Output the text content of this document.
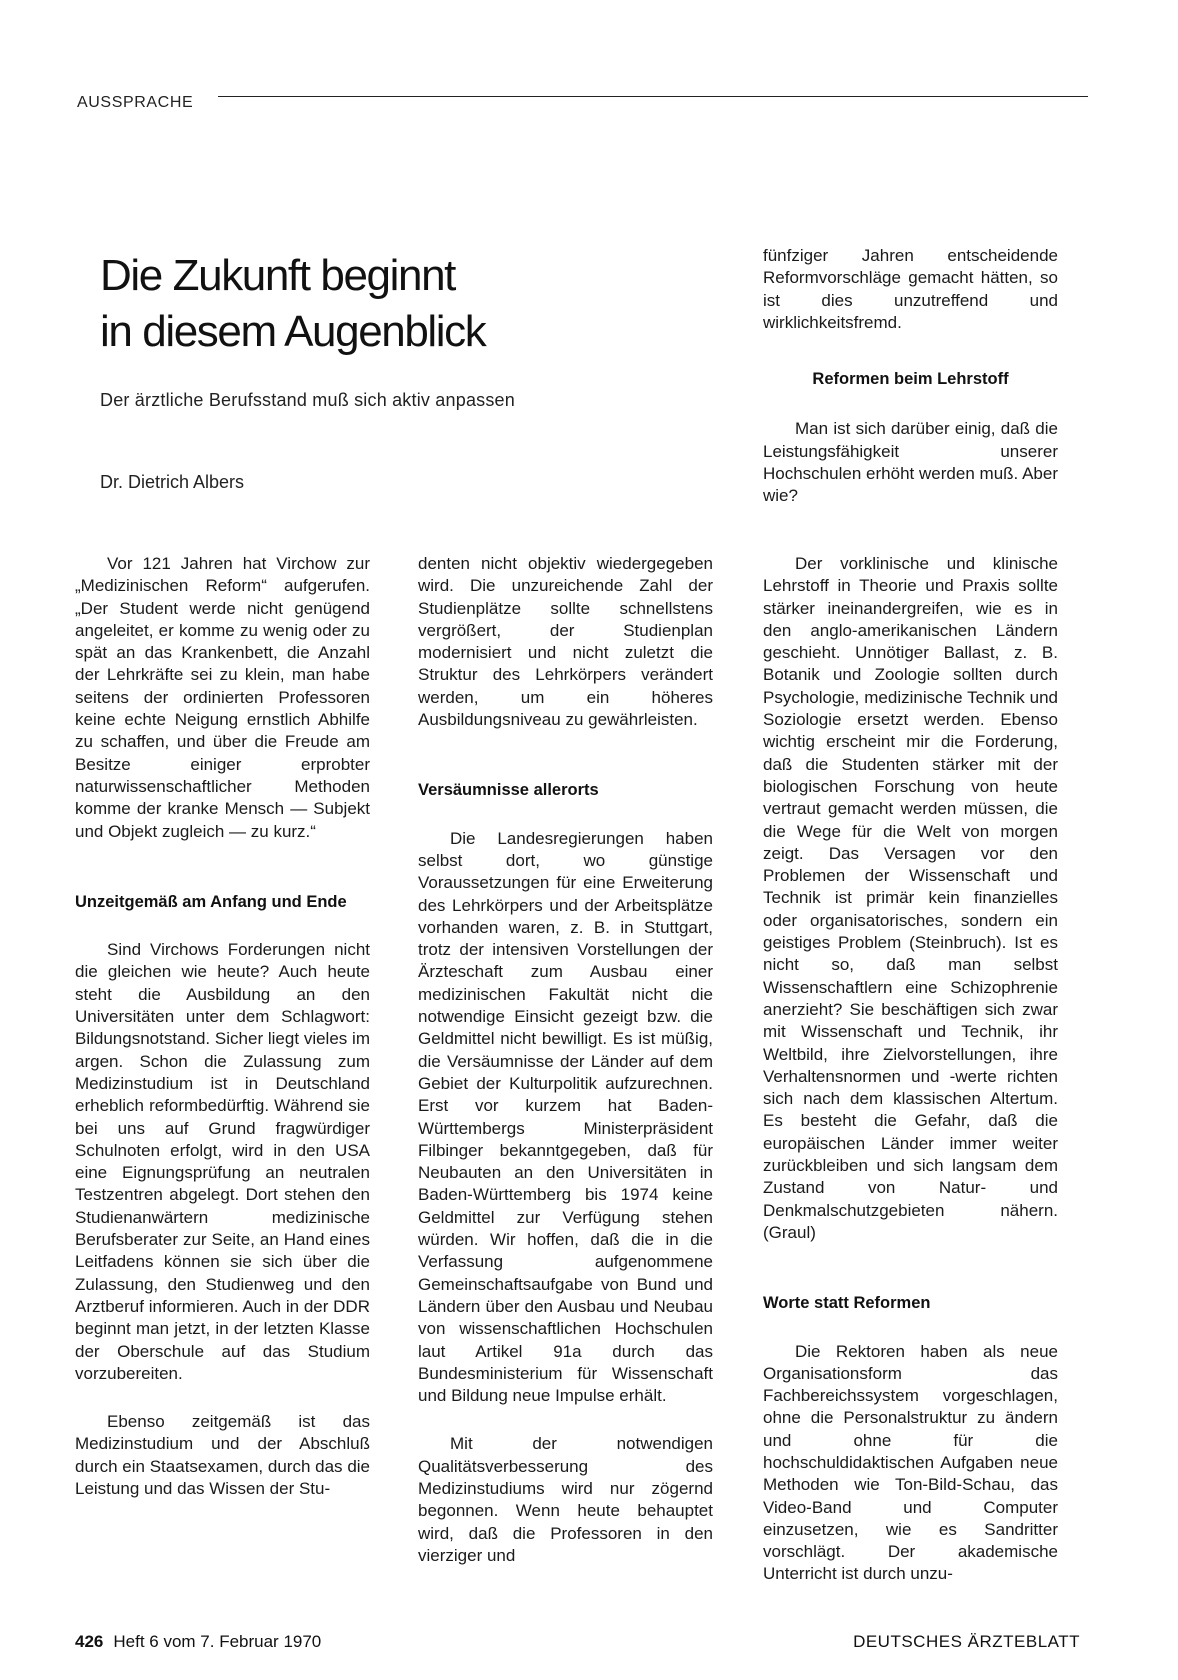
AUSSPRACHE
Die Zukunft beginnt
in diesem Augenblick
Der ärztliche Berufsstand muß sich aktiv anpassen
Dr. Dietrich Albers

Vor 121 Jahren hat Virchow zur „Medizinischen Reform“ aufgerufen. „Der Student werde nicht genügend angeleitet, er komme zu wenig oder zu spät an das Krankenbett, die Anzahl der Lehrkräfte sei zu klein, man habe seitens der ordinierten Professoren keine echte Neigung ernstlich Abhilfe zu schaffen, und über die Freude am Besitze einiger erprobter naturwissenschaftlicher Methoden komme der kranke Mensch — Subjekt und Objekt zugleich — zu kurz.“

Unzeitgemäß am Anfang und Ende

Sind Virchows Forderungen nicht die gleichen wie heute? Auch heute steht die Ausbildung an den Universitäten unter dem Schlagwort: Bildungsnotstand. Sicher liegt vieles im argen. Schon die Zulassung zum Medizinstudium ist in Deutschland erheblich reformbedürftig. Während sie bei uns auf Grund fragwürdiger Schulnoten erfolgt, wird in den USA eine Eignungsprüfung an neutralen Testzentren abgelegt. Dort stehen den Studienanwärtern medizinische Berufsberater zur Seite, an Hand eines Leitfadens können sie sich über die Zulassung, den Studienweg und den Arztberuf informieren. Auch in der DDR beginnt man jetzt, in der letzten Klasse der Oberschule auf das Studium vorzubereiten.

Ebenso zeitgemäß ist das Medizinstudium und der Abschluß durch ein Staatsexamen, durch das die Leistung und das Wissen der Stu-

denten nicht objektiv wiedergegeben wird. Die unzureichende Zahl der Studienplätze sollte schnellstens vergrößert, der Studienplan modernisiert und nicht zuletzt die Struktur des Lehrkörpers verändert werden, um ein höheres Ausbildungsniveau zu gewährleisten.

Versäumnisse allerorts

Die Landesregierungen haben selbst dort, wo günstige Voraussetzungen für eine Erweiterung des Lehrkörpers und der Arbeitsplätze vorhanden waren, z. B. in Stuttgart, trotz der intensiven Vorstellungen der Ärzteschaft zum Ausbau einer medizinischen Fakultät nicht die notwendige Einsicht gezeigt bzw. die Geldmittel nicht bewilligt. Es ist müßig, die Versäumnisse der Länder auf dem Gebiet der Kulturpolitik aufzurechnen. Erst vor kurzem hat Baden-Württembergs Ministerpräsident Filbinger bekanntgegeben, daß für Neubauten an den Universitäten in Baden-Württemberg bis 1974 keine Geldmittel zur Verfügung stehen würden. Wir hoffen, daß die in die Verfassung aufgenommene Gemeinschaftsaufgabe von Bund und Ländern über den Ausbau und Neubau von wissenschaftlichen Hochschulen laut Artikel 91a durch das Bundesministerium für Wissenschaft und Bildung neue Impulse erhält.

Mit der notwendigen Qualitätsverbesserung des Medizinstudiums wird nur zögernd begonnen. Wenn heute behauptet wird, daß die Professoren in den vierziger und

fünfziger Jahren entscheidende Reformvorschläge gemacht hätten, so ist dies unzutreffend und wirklichkeitsfremd.

Reformen beim Lehrstoff

Man ist sich darüber einig, daß die Leistungsfähigkeit unserer Hochschulen erhöht werden muß. Aber wie?

Der vorklinische und klinische Lehrstoff in Theorie und Praxis sollte stärker ineinandergreifen, wie es in den anglo-amerikanischen Ländern geschieht. Unnötiger Ballast, z. B. Botanik und Zoologie sollten durch Psychologie, medizinische Technik und Soziologie ersetzt werden. Ebenso wichtig erscheint mir die Forderung, daß die Studenten stärker mit der biologischen Forschung von heute vertraut gemacht werden müssen, die die Wege für die Welt von morgen zeigt. Das Versagen vor den Problemen der Wissenschaft und Technik ist primär kein finanzielles oder organisatorisches, sondern ein geistiges Problem (Steinbruch). Ist es nicht so, daß man selbst Wissenschaftlern eine Schizophrenie anerzieht? Sie beschäftigen sich zwar mit Wissenschaft und Technik, ihr Weltbild, ihre Zielvorstellungen, ihre Verhaltensnormen und -werte richten sich nach dem klassischen Altertum. Es besteht die Gefahr, daß die europäischen Länder immer weiter zurückbleiben und sich langsam dem Zustand von Natur- und Denkmalschutzgebieten nähern. (Graul)

Worte statt Reformen

Die Rektoren haben als neue Organisationsform das Fachbereichssystem vorgeschlagen, ohne die Personalstruktur zu ändern und ohne für die hochschuldidaktischen Aufgaben neue Methoden wie Ton-Bild-Schau, das Video-Band und Computer einzusetzen, wie es Sandritter vorschlägt. Der akademische Unterricht ist durch unzu-

426 Heft 6 vom 7. Februar 1970	DEUTSCHES ÄRZTEBLATT
